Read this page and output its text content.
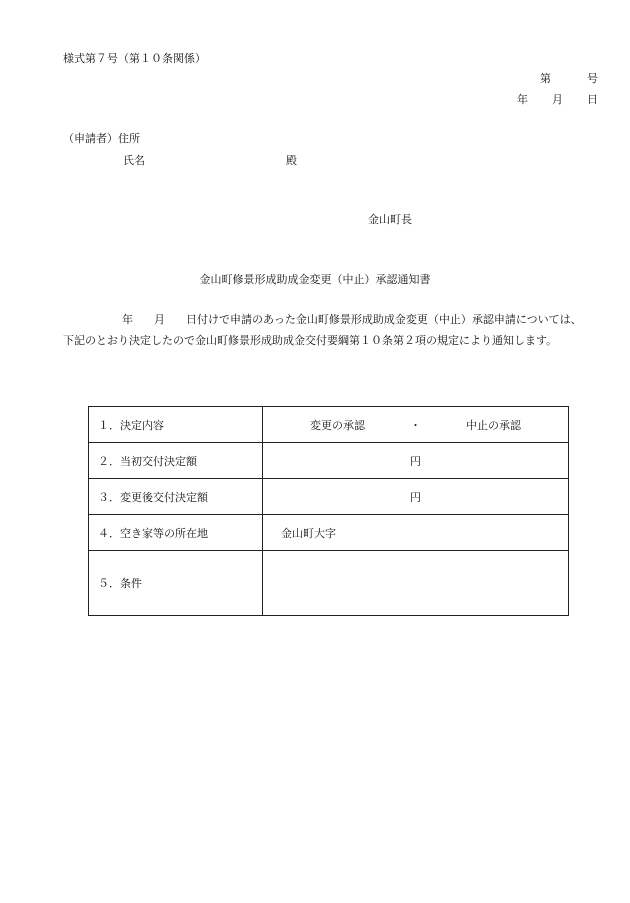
様式第７号（第１０条関係）
第	号
年 月 日
（申請者）住所
氏名	殿
金山町長
金山町修景形成助成金変更（中止）承認通知書
年 月 日付けで申請のあった金山町修景形成助成金変更（中止）承認申請については、
下記のとおり決定したので金山町修景形成助成金交付要綱第１０条第２項の規定により通知します。
１．決定内容	変更の承認 ・ 中止の承認
２．当初交付決定額	円
３．変更後交付決定額	円
４．空き家等の所在地	金山町大字
５．条件	
